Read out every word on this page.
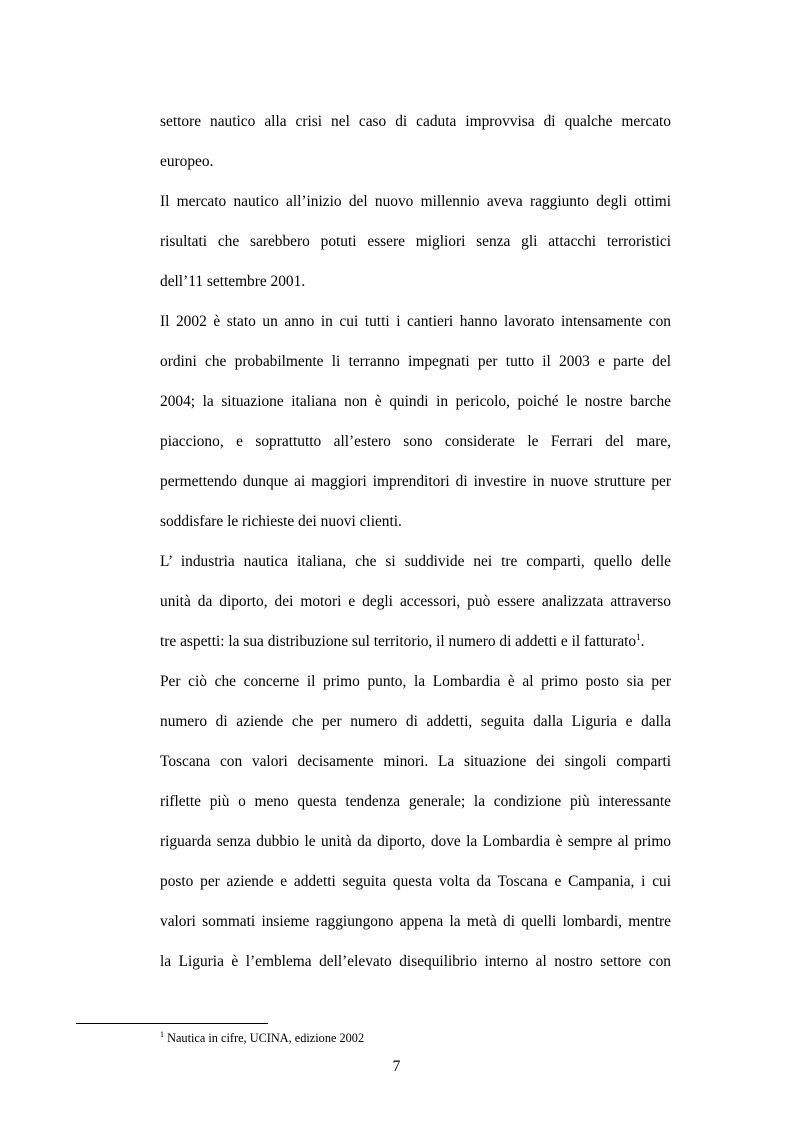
settore nautico alla crisi nel caso di caduta improvvisa di qualche mercato
europeo.
Il mercato nautico all’inizio del nuovo millennio aveva raggiunto degli ottimi
risultati che sarebbero potuti essere migliori senza gli attacchi terroristici
dell’11 settembre 2001.
Il 2002 è stato un anno in cui tutti i cantieri hanno lavorato intensamente con
ordini che probabilmente li terranno impegnati per tutto il 2003 e parte del
2004; la situazione italiana non è quindi in pericolo, poiché le nostre barche
piacciono, e soprattutto all’estero sono considerate le Ferrari del mare,
permettendo dunque ai maggiori imprenditori di investire in nuove strutture per
soddisfare le richieste dei nuovi clienti.
L’ industria nautica italiana, che si suddivide nei tre comparti, quello delle
unità da diporto, dei motori e degli accessori, può essere analizzata attraverso
tre aspetti: la sua distribuzione sul territorio, il numero di addetti e il fatturato$^1$.
Per ciò che concerne il primo punto, la Lombardia è al primo posto sia per
numero di aziende che per numero di addetti, seguita dalla Liguria e dalla
Toscana con valori decisamente minori. La situazione dei singoli comparti
riflette più o meno questa tendenza generale; la condizione più interessante
riguarda senza dubbio le unità da diporto, dove la Lombardia è sempre al primo
posto per aziende e addetti seguita questa volta da Toscana e Campania, i cui
valori sommati insieme raggiungono appena la metà di quelli lombardi, mentre
la Liguria è l’emblema dell’elevato disequilibrio interno al nostro settore con
$^1$ Nautica in cifre, UCINA, edizione 2002
7
